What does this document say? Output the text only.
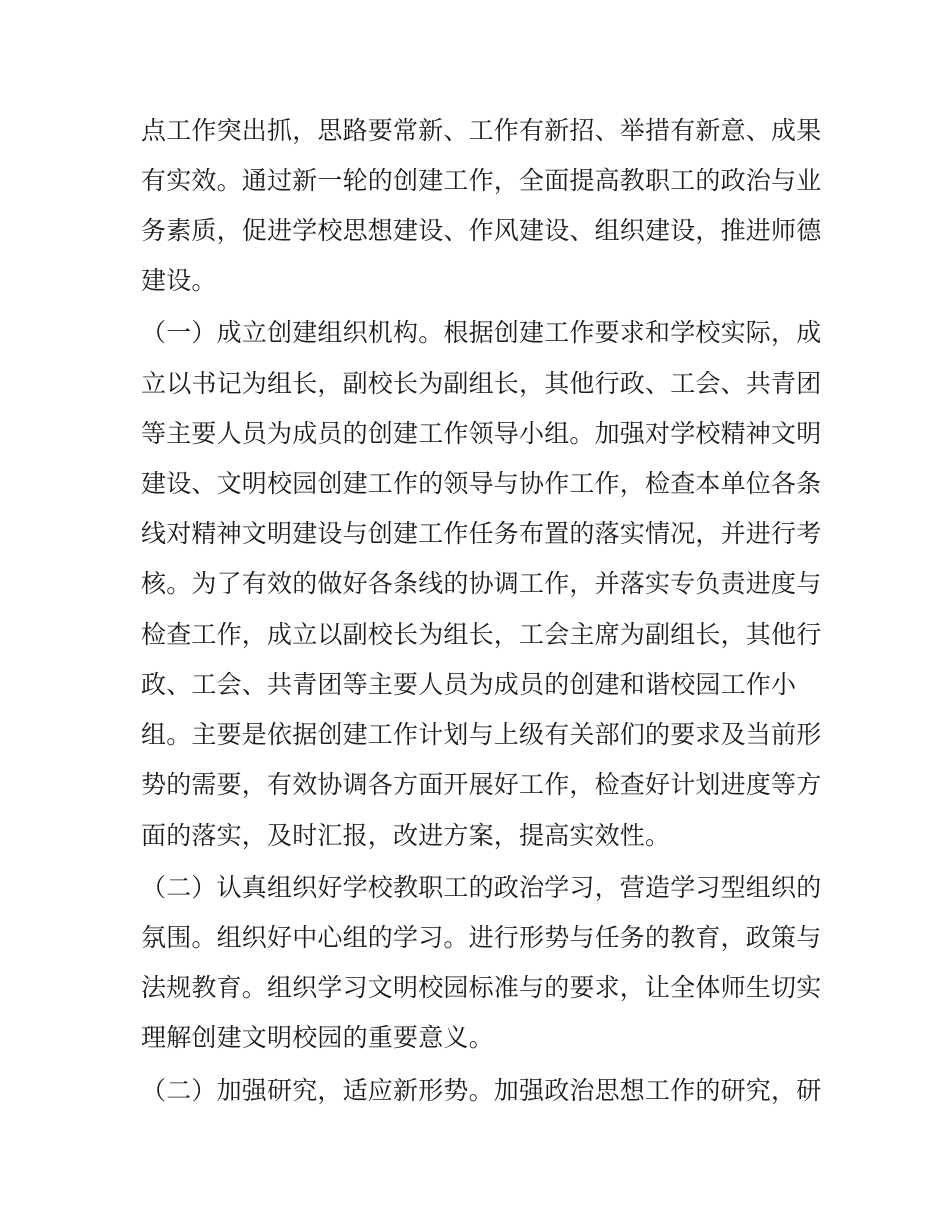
点工作突出抓，思路要常新、工作有新招、举措有新意、成果
有实效。通过新一轮的创建工作，全面提高教职工的政治与业
务素质，促进学校思想建设、作风建设、组织建设，推进师德
建设。
（一）成立创建组织机构。根据创建工作要求和学校实际，成
立以书记为组长，副校长为副组长，其他行政、工会、共青团
等主要人员为成员的创建工作领导小组。加强对学校精神文明
建设、文明校园创建工作的领导与协作工作，检查本单位各条
线对精神文明建设与创建工作任务布置的落实情况，并进行考
核。为了有效的做好各条线的协调工作，并落实专负责进度与
检查工作，成立以副校长为组长，工会主席为副组长，其他行
政、工会、共青团等主要人员为成员的创建和谐校园工作小
组。主要是依据创建工作计划与上级有关部们的要求及当前形
势的需要，有效协调各方面开展好工作，检查好计划进度等方
面的落实，及时汇报，改进方案，提高实效性。
（二）认真组织好学校教职工的政治学习，营造学习型组织的
氛围。组织好中心组的学习。进行形势与任务的教育，政策与
法规教育。组织学习文明校园标准与的要求，让全体师生切实
理解创建文明校园的重要意义。
（二）加强研究，适应新形势。加强政治思想工作的研究，研
